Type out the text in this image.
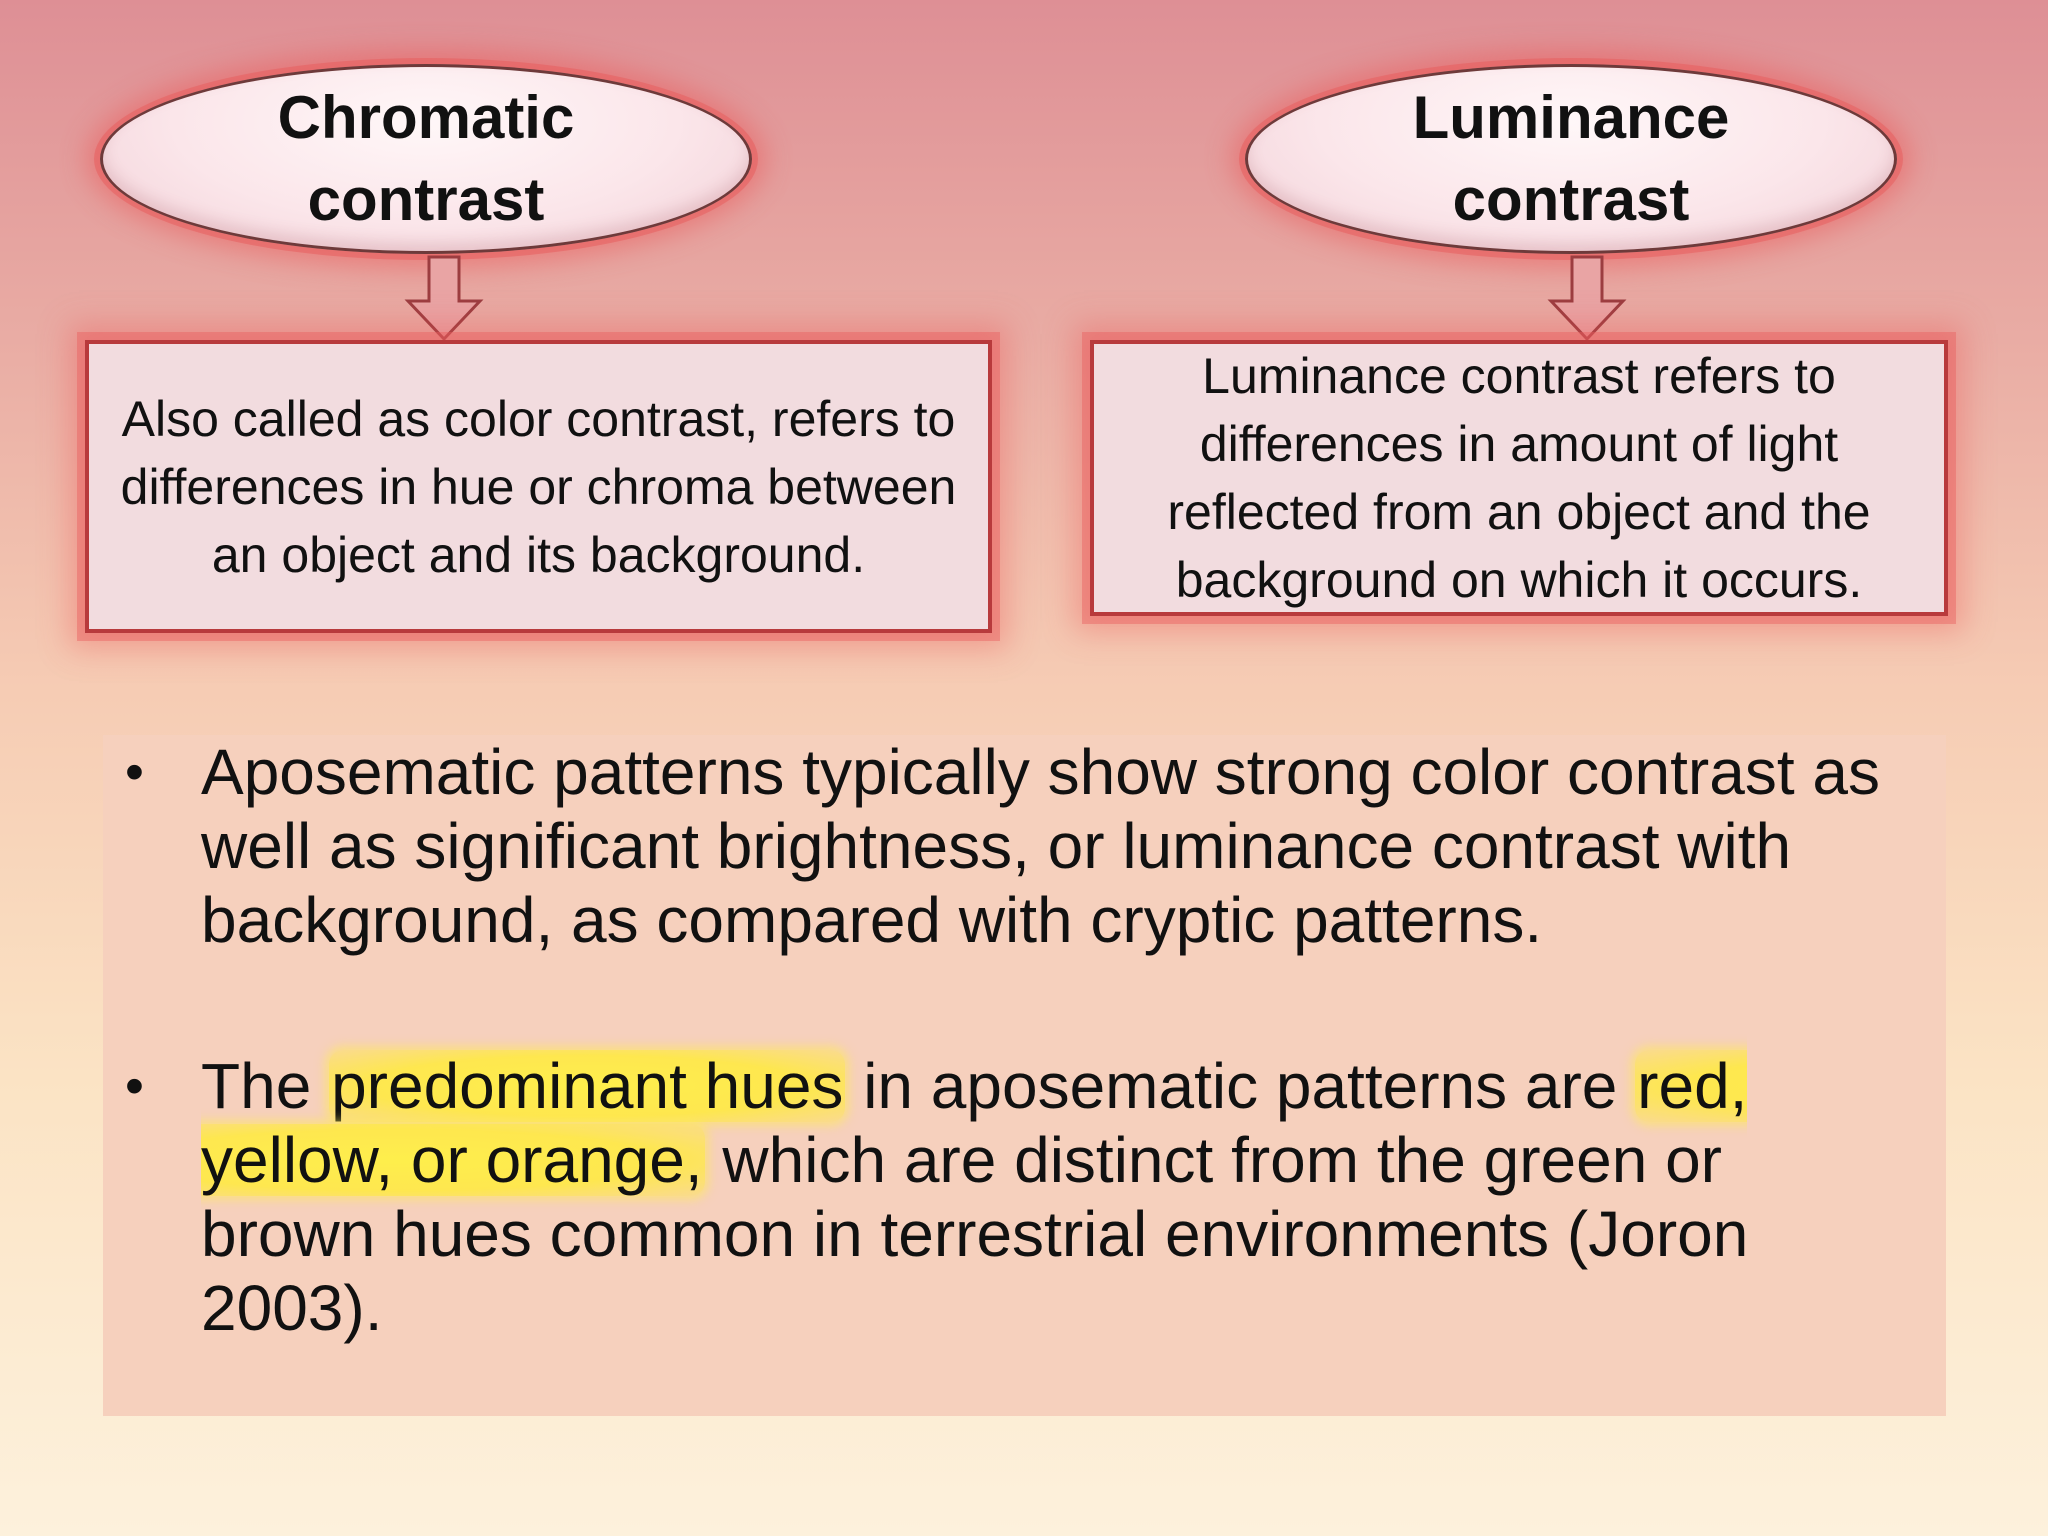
Chromatic
contrast
Luminance
contrast
Also called as color contrast, refers to differences in hue or chroma between an object and its background.
Luminance contrast refers to differences in amount of light reflected from an object and the background on which it occurs.
• Aposematic patterns typically show strong color contrast as well as significant brightness, or luminance contrast with background, as compared with cryptic patterns.
• The predominant hues in aposematic patterns are red, yellow, or orange, which are distinct from the green or brown hues common in terrestrial environments (Joron 2003).
